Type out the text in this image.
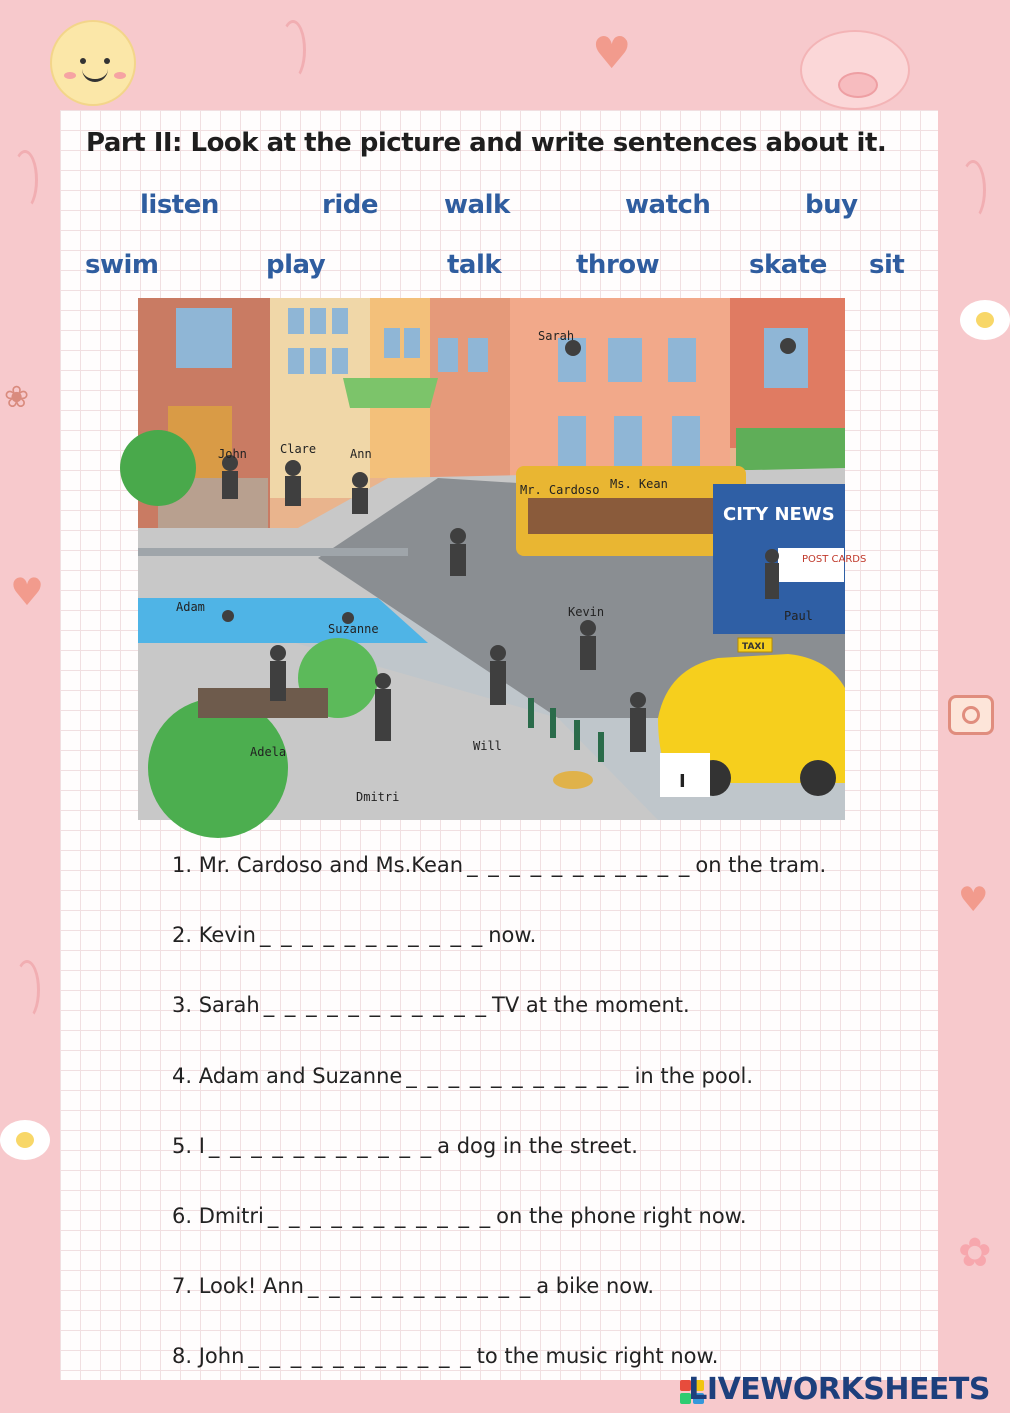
♥
♥
♥
✿
❀
Part II: Look at the picture and write sentences about it.
listen	ride	walk	watch	buy
swim	play	talk	throw	skate sit
CITY NEWS
POST CARDS
TAXI
I
Sarah
John	Clare	Ann
Mr. Cardoso Ms. Kean
Adam
Suzanne
Kevin	Paul
Adela	Will
Dmitri
1. Mr. Cardoso and Ms.Kean _ _ _ _ _ _ _ _ _ _ _ on the tram.
2. Kevin _ _ _ _ _ _ _ _ _ _ _ now.
3. Sarah _ _ _ _ _ _ _ _ _ _ _ TV at the moment.
4. Adam and Suzanne _ _ _ _ _ _ _ _ _ _ _ in the pool.
5. I _ _ _ _ _ _ _ _ _ _ _ a dog in the street.
6. Dmitri _ _ _ _ _ _ _ _ _ _ _ on the phone right now.
7. Look! Ann _ _ _ _ _ _ _ _ _ _ _ a bike now.
8. John _ _ _ _ _ _ _ _ _ _ _ to the music right now.
LIVEWORKSHEETS
